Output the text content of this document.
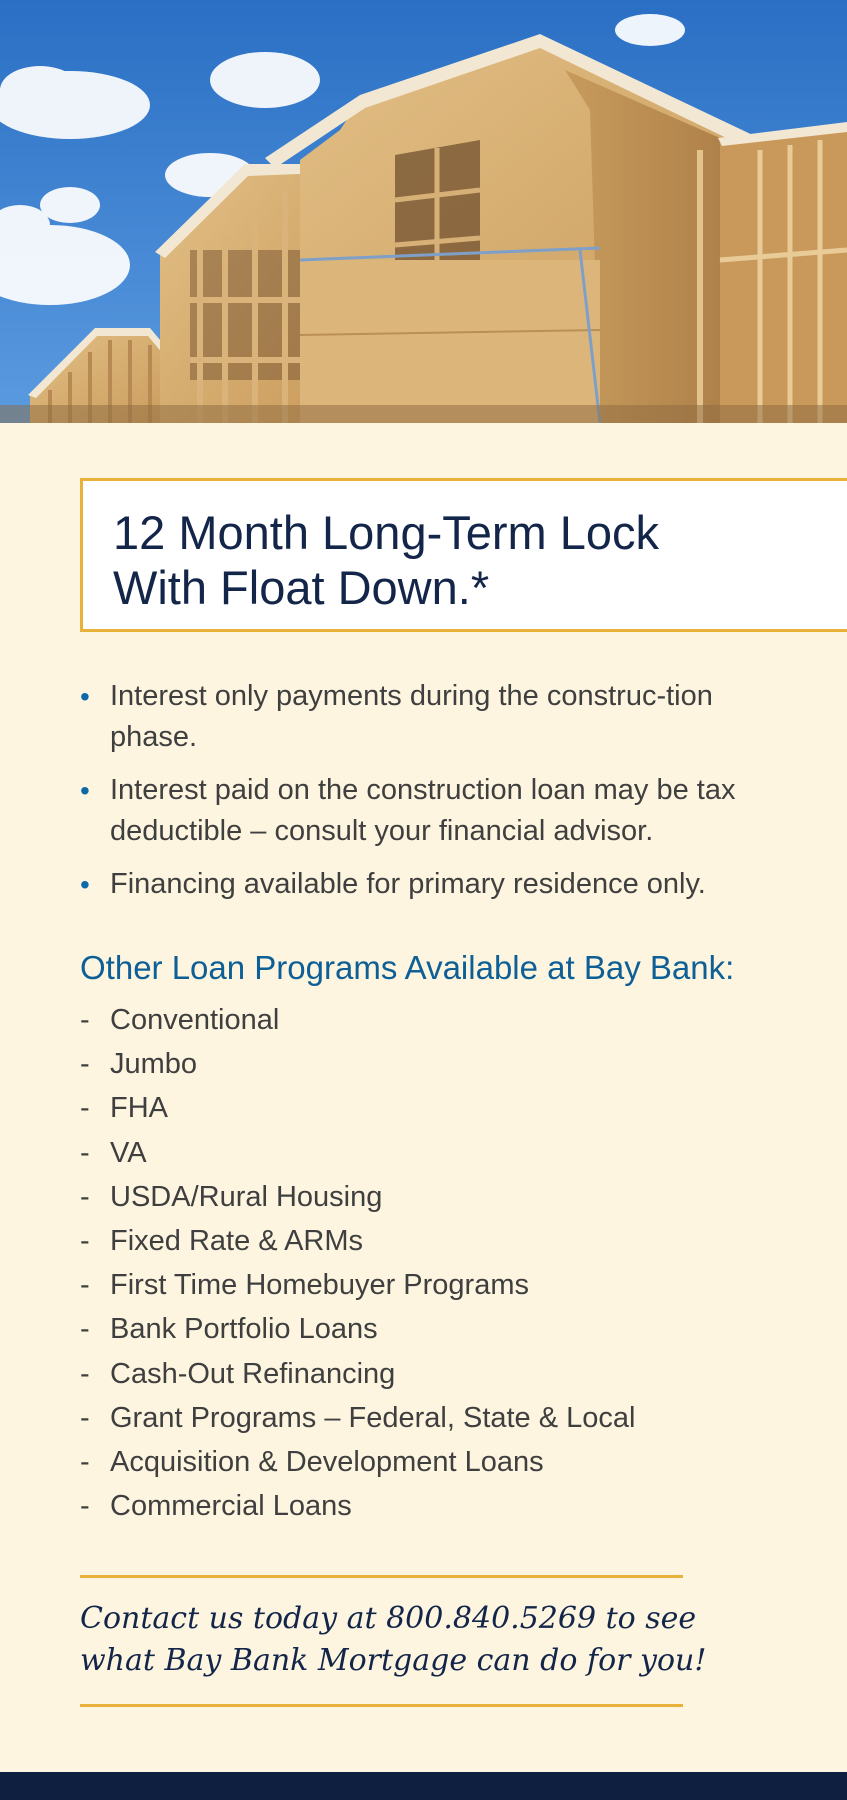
12 Month Long-Term Lock
With Float Down.*
• Interest only payments during the construc-tion phase.
• Interest paid on the construction loan may be tax deductible – consult your financial advisor.
• Financing available for primary residence only.
Other Loan Programs Available at Bay Bank:
- Conventional
- Jumbo
- FHA
- VA
- USDA/Rural Housing
- Fixed Rate & ARMs
- First Time Homebuyer Programs
- Bank Portfolio Loans
- Cash-Out Refinancing
- Grant Programs – Federal, State & Local
- Acquisition & Development Loans
- Commercial Loans

Contact us today at 800.840.5269 to see
what Bay Bank Mortgage can do for you!
